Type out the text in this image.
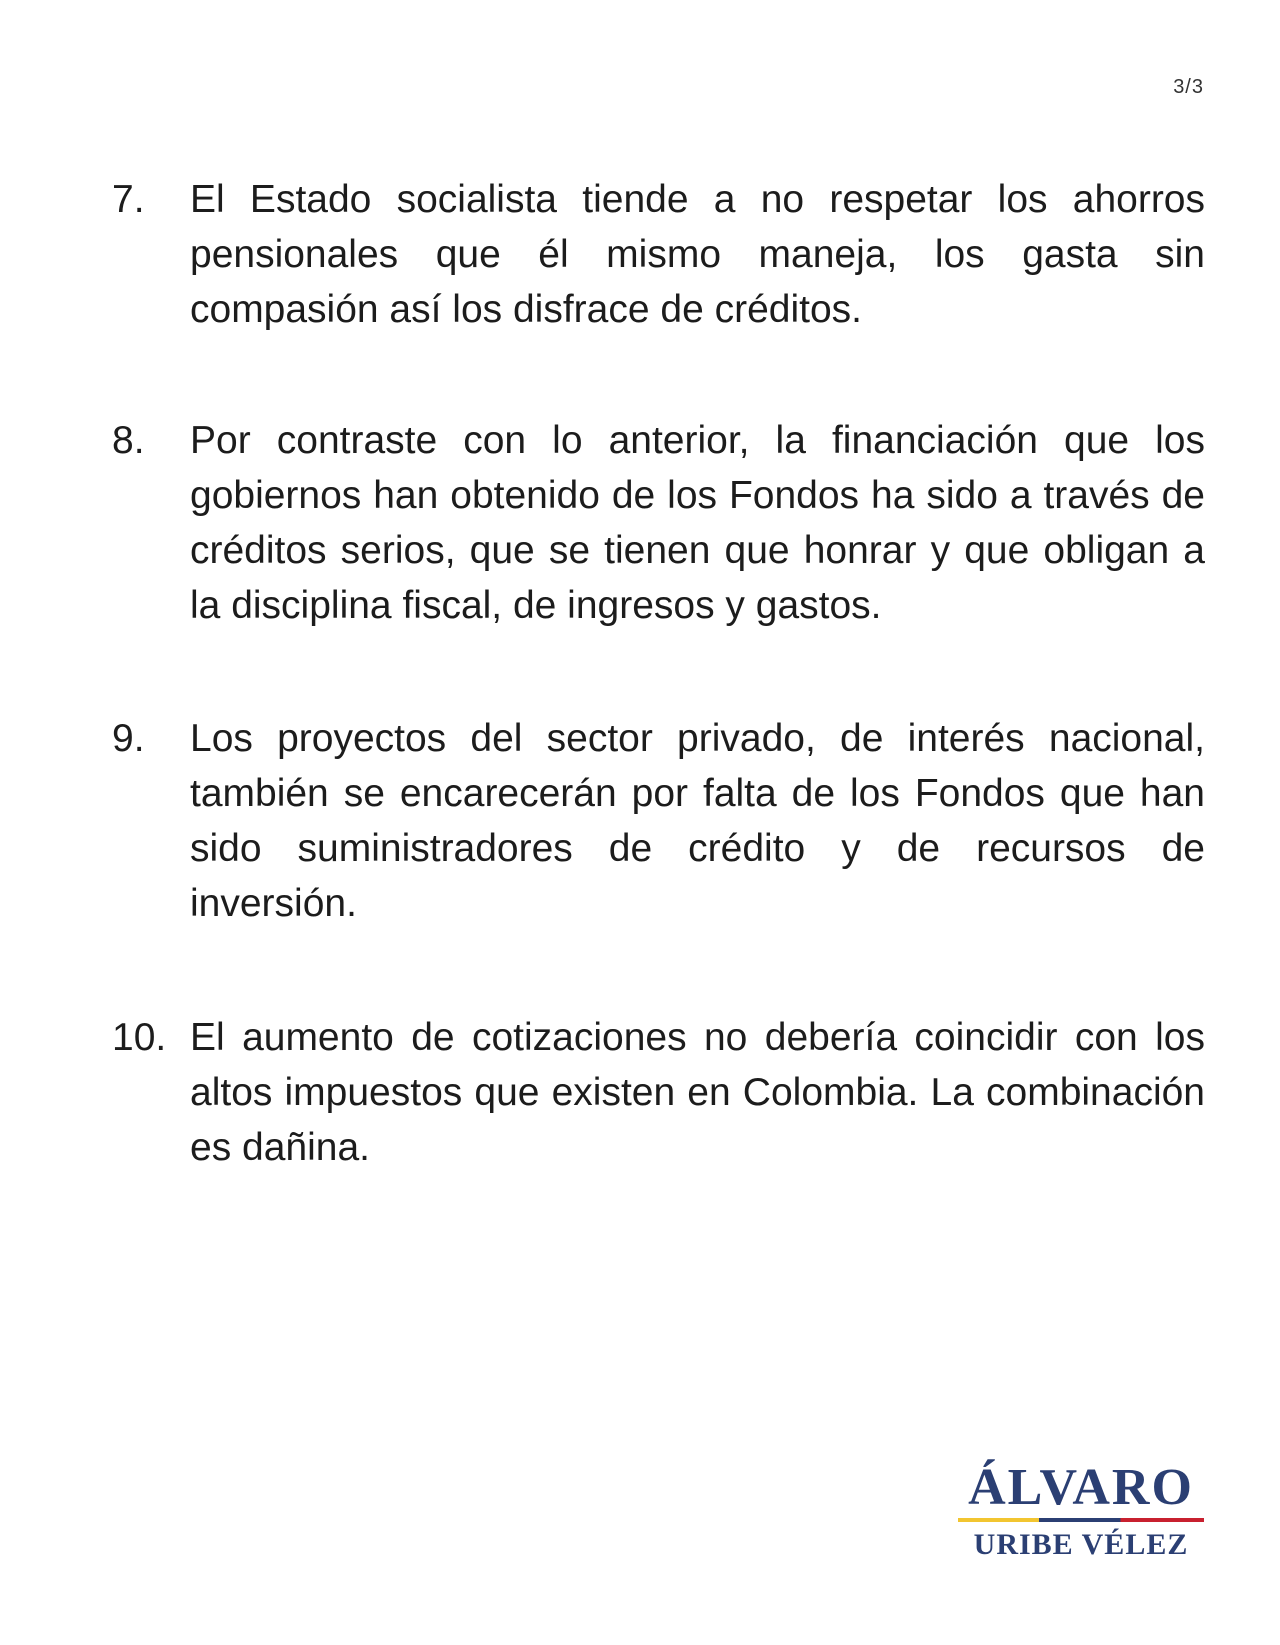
3/3
7.	El Estado socialista tiende a no respetar los ahorros pensionales que él mismo maneja, los gasta sin compasión así los disfrace de créditos.
8.	Por contraste con lo anterior, la financiación que los gobiernos han obtenido de los Fondos ha sido a través de créditos serios, que se tienen que honrar y que obligan a la disciplina fiscal, de ingresos y gastos.
9.	Los proyectos del sector privado, de interés nacional, también se encarecerán por falta de los Fondos que han sido suministradores de crédito y de recursos de inversión.
10. El aumento de cotizaciones no debería coincidir con los altos impuestos que existen en Colombia. La combinación es dañina.
ÁLVARO
URIBE VÉLEZ
